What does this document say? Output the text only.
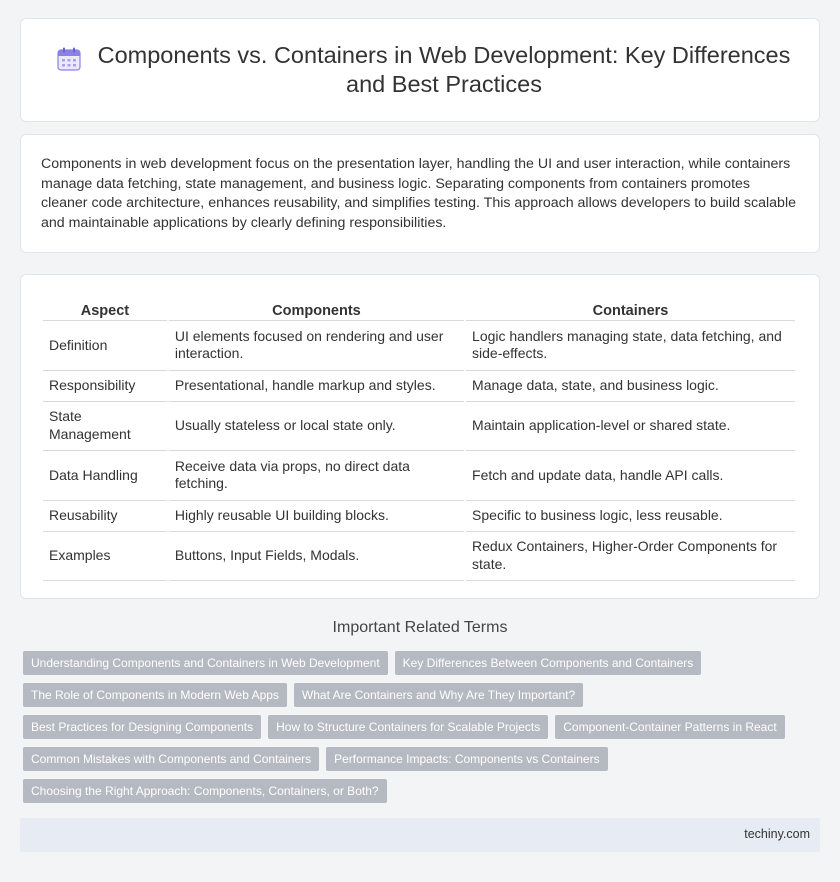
Components vs. Containers in Web Development: Key Differences and Best Practices

Components in web development focus on the presentation layer, handling the UI and user interaction, while containers manage data fetching, state management, and business logic. Separating components from containers promotes cleaner code architecture, enhances reusability, and simplifies testing. This approach allows developers to build scalable and maintainable applications by clearly defining responsibilities.

Aspect	Components	Containers
Definition	UI elements focused on rendering and user interaction.	Logic handlers managing state, data fetching, and side-effects.
Responsibility	Presentational, handle markup and styles.	Manage data, state, and business logic.
State Management	Usually stateless or local state only.	Maintain application-level or shared state.
Data Handling	Receive data via props, no direct data fetching.	Fetch and update data, handle API calls.
Reusability	Highly reusable UI building blocks.	Specific to business logic, less reusable.
Examples	Buttons, Input Fields, Modals.	Redux Containers, Higher-Order Components for state.
Important Related Terms
Understanding Components and Containers in Web Development	Key Differences Between Components and Containers
The Role of Components in Modern Web Apps	What Are Containers and Why Are They Important?
Best Practices for Designing Components	How to Structure Containers for Scalable Projects	Component-Container Patterns in React
Common Mistakes with Components and Containers	Performance Impacts: Components vs Containers
Choosing the Right Approach: Components, Containers, or Both?
techiny.com
